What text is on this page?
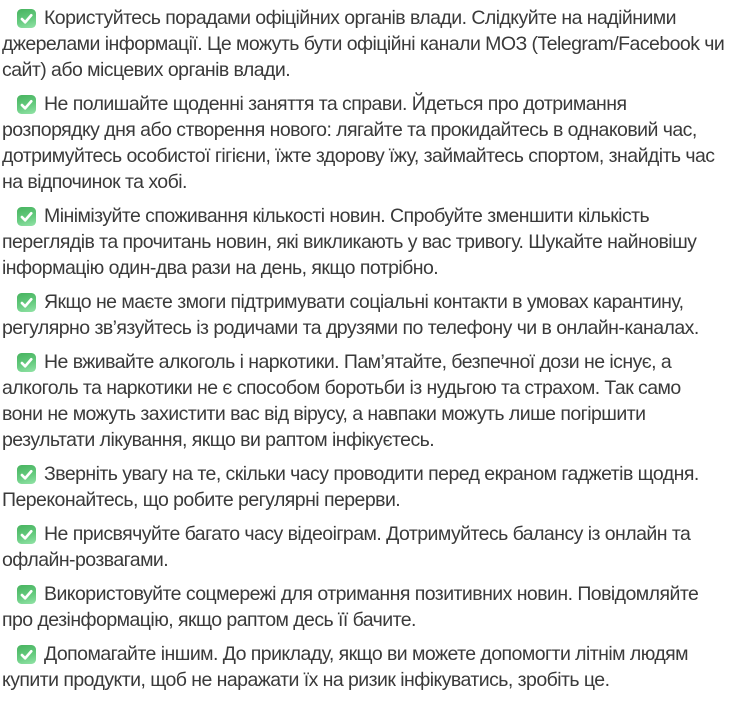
Користуйтесь порадами офіційних органів влади. Слідкуйте на надійними джерелами інформації. Це можуть бути офіційні канали МОЗ (Telegram/Facebook чи сайт) або місцевих органів влади.

Не полишайте щоденні заняття та справи. Йдеться про дотримання розпорядку дня або створення нового: лягайте та прокидайтесь в однаковий час, дотримуйтесь особистої гігієни, їжте здорову їжу, займайтесь спортом, знайдіть час на відпочинок та хобі.

Мінімізуйте споживання кількості новин. Спробуйте зменшити кількість переглядів та прочитань новин, які викликають у вас тривогу. Шукайте найновішу інформацію один-два рази на день, якщо потрібно.

Якщо не маєте змоги підтримувати соціальні контакти в умовах карантину, регулярно зв’язуйтесь із родичами та друзями по телефону чи в онлайн-каналах.

Не вживайте алкоголь і наркотики. Пам’ятайте, безпечної дози не існує, а алкоголь та наркотики не є способом боротьби із нудьгою та страхом. Так само вони не можуть захистити вас від вірусу, а навпаки можуть лише погіршити результати лікування, якщо ви раптом інфікуєтесь.

Зверніть увагу на те, скільки часу проводити перед екраном гаджетів щодня. Переконайтесь, що робите регулярні перерви.

Не присвячуйте багато часу відеоіграм. Дотримуйтесь балансу із онлайн та офлайн-розвагами.

Використовуйте соцмережі для отримання позитивних новин. Повідомляйте про дезінформацію, якщо раптом десь її бачите.

Допомагайте іншим. До прикладу, якщо ви можете допомогти літнім людям купити продукти, щоб не наражати їх на ризик інфікуватись, зробіть це.
